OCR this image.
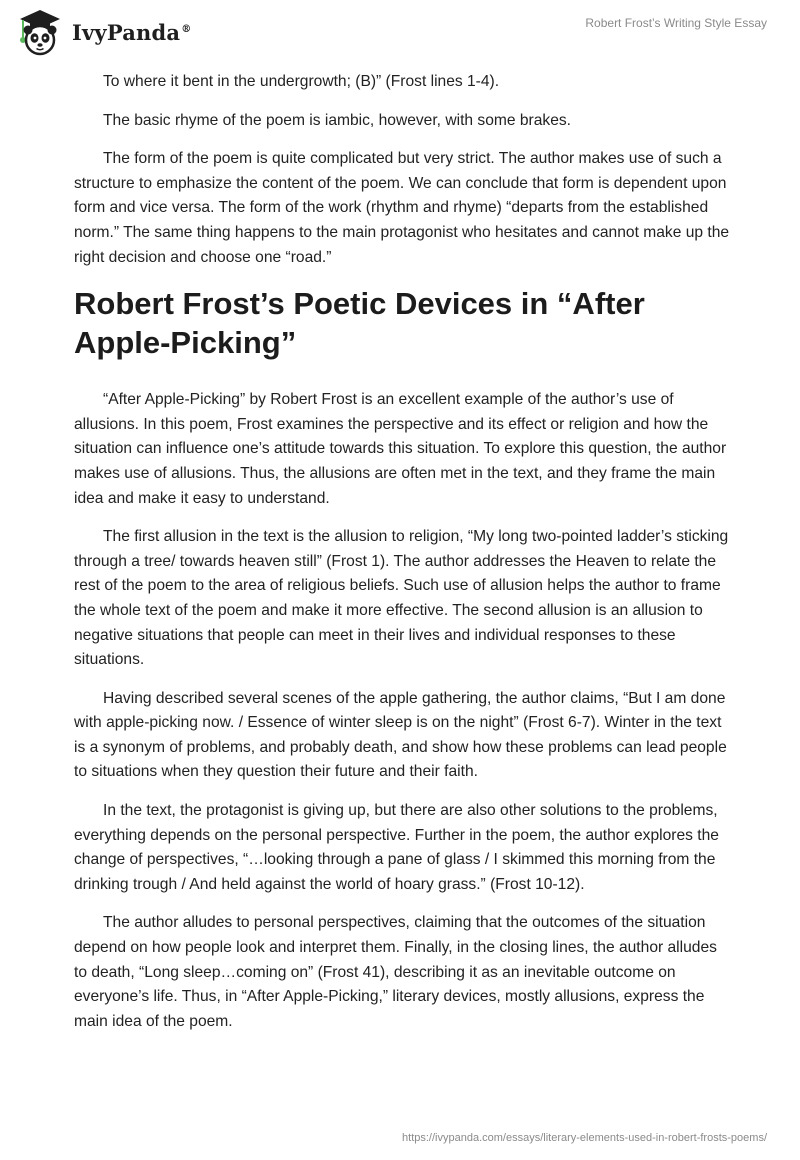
IvyPanda®	Robert Frost’s Writing Style Essay

To where it bent in the undergrowth; (B)” (Frost lines 1-4).

The basic rhyme of the poem is iambic, however, with some brakes.

The form of the poem is quite complicated but very strict. The author makes use of such a structure to emphasize the content of the poem. We can conclude that form is dependent upon form and vice versa. The form of the work (rhythm and rhyme) “departs from the established norm.” The same thing happens to the main protagonist who hesitates and cannot make up the right decision and choose one “road.”

Robert Frost’s Poetic Devices in “After Apple-Picking”

“After Apple-Picking” by Robert Frost is an excellent example of the author’s use of allusions. In this poem, Frost examines the perspective and its effect or religion and how the situation can influence one’s attitude towards this situation. To explore this question, the author makes use of allusions. Thus, the allusions are often met in the text, and they frame the main idea and make it easy to understand.

The first allusion in the text is the allusion to religion, “My long two-pointed ladder’s sticking through a tree/ towards heaven still” (Frost 1). The author addresses the Heaven to relate the rest of the poem to the area of religious beliefs. Such use of allusion helps the author to frame the whole text of the poem and make it more effective. The second allusion is an allusion to negative situations that people can meet in their lives and individual responses to these situations.

Having described several scenes of the apple gathering, the author claims, “But I am done with apple-picking now. / Essence of winter sleep is on the night” (Frost 6-7). Winter in the text is a synonym of problems, and probably death, and show how these problems can lead people to situations when they question their future and their faith.

In the text, the protagonist is giving up, but there are also other solutions to the problems, everything depends on the personal perspective. Further in the poem, the author explores the change of perspectives, “…looking through a pane of glass / I skimmed this morning from the drinking trough / And held against the world of hoary grass.” (Frost 10-12).

The author alludes to personal perspectives, claiming that the outcomes of the situation depend on how people look and interpret them. Finally, in the closing lines, the author alludes to death, “Long sleep…coming on” (Frost 41), describing it as an inevitable outcome on everyone’s life. Thus, in “After Apple-Picking,” literary devices, mostly allusions, express the main idea of the poem.

https://ivypanda.com/essays/literary-elements-used-in-robert-frosts-poems/
